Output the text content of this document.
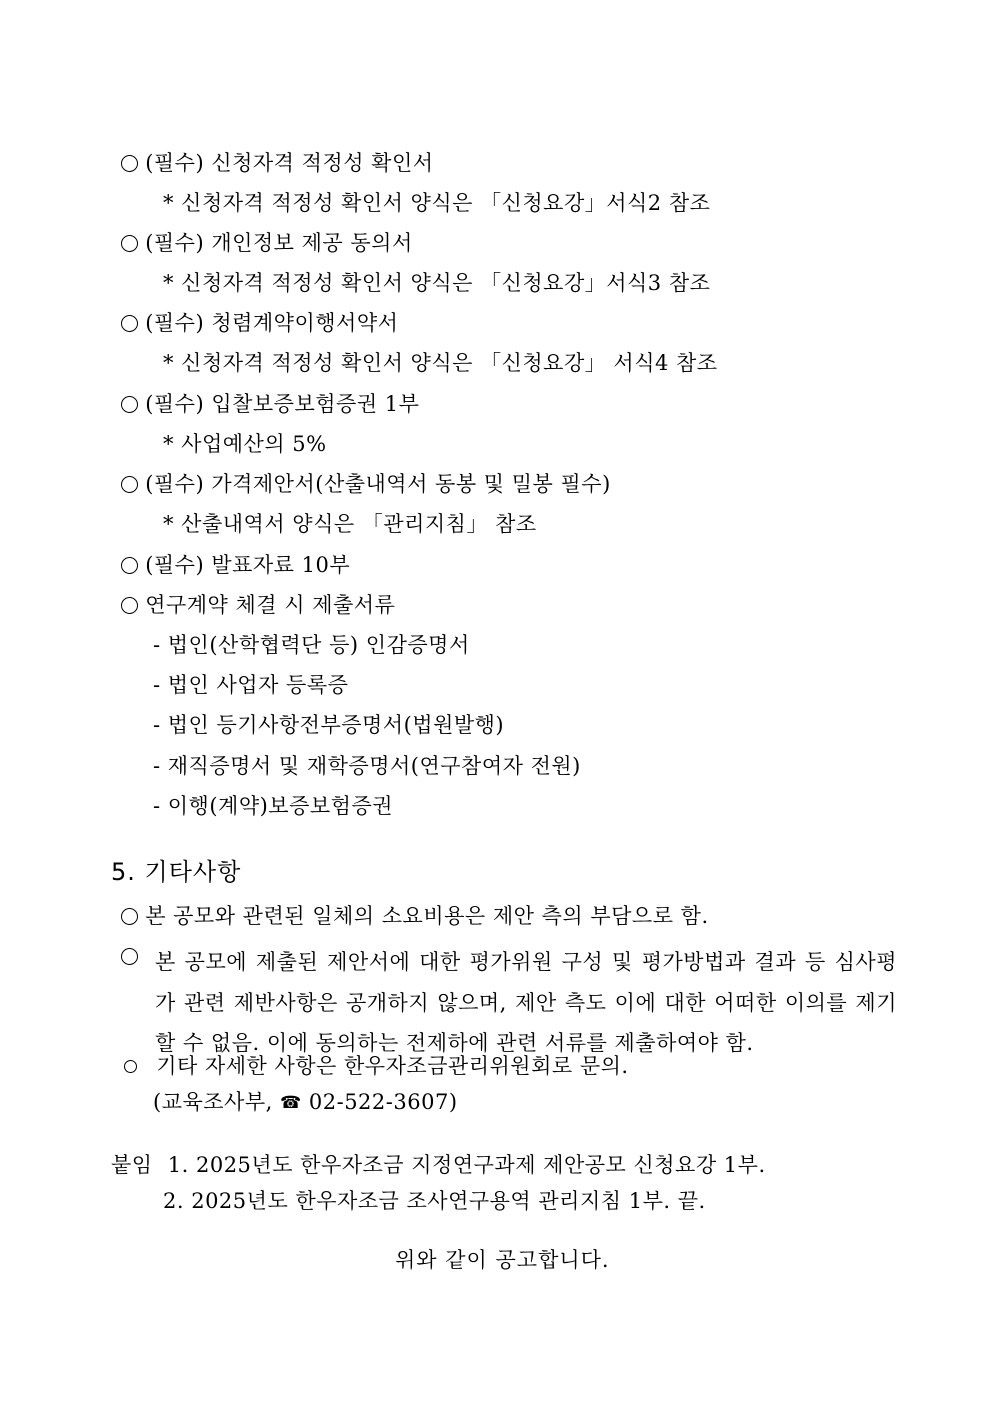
(필수) 신청자격 적정성 확인서
* 신청자격 적정성 확인서 양식은 「신청요강」서식2 참조
(필수) 개인정보 제공 동의서
* 신청자격 적정성 확인서 양식은 「신청요강」서식3 참조
(필수) 청렴계약이행서약서
* 신청자격 적정성 확인서 양식은 「신청요강」 서식4 참조
(필수) 입찰보증보험증권 1부
* 사업예산의 5%
(필수) 가격제안서(산출내역서 동봉 및 밀봉 필수)
* 산출내역서 양식은 「관리지침」 참조
(필수) 발표자료 10부
연구계약 체결 시 제출서류
- 법인(산학협력단 등) 인감증명서
- 법인 사업자 등록증
- 법인 등기사항전부증명서(법원발행)
- 재직증명서 및 재학증명서(연구참여자 전원)
- 이행(계약)보증보험증권
5. 기타사항
본 공모와 관련된 일체의 소요비용은 제안 측의 부담으로 함.
본 공모에 제출된 제안서에 대한 평가위원 구성 및 평가방법과 결과 등 심사평가 관련 제반사항은 공개하지 않으며, 제안 측도 이에 대한 어떠한 이의를 제기할 수 없음. 이에 동의하는 전제하에 관련 서류를 제출하여야 함.
기타 자세한 사항은 한우자조금관리위원회로 문의.
(교육조사부, ☎ 02-522-3607)
붙임 1. 2025년도 한우자조금 지정연구과제 제안공모 신청요강 1부.
2. 2025년도 한우자조금 조사연구용역 관리지침 1부. 끝.
위와 같이 공고합니다.
